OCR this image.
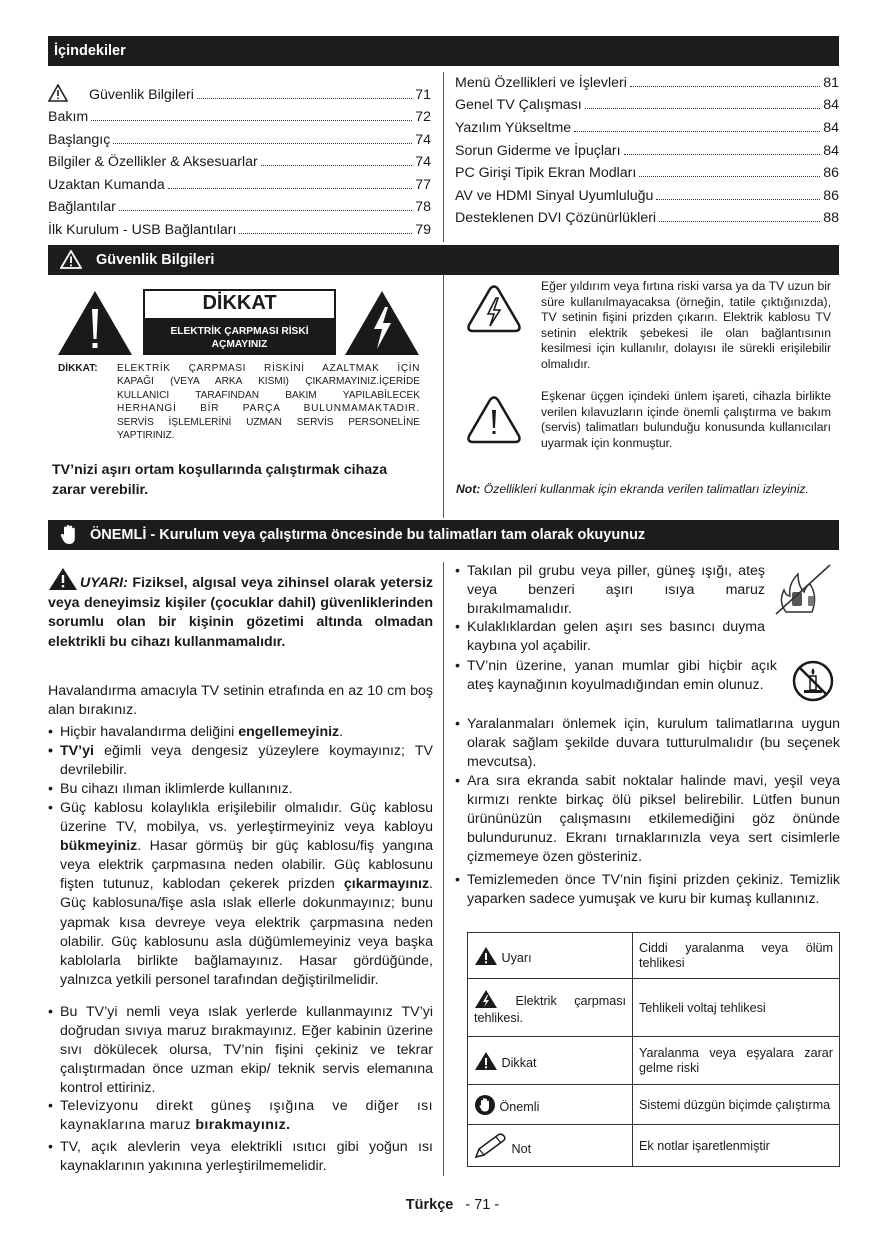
İçindekiler
Güvenlik Bilgileri	71
Bakım	72
Başlangıç	74
Bilgiler & Özellikler & Aksesuarlar	74
Uzaktan Kumanda	77
Bağlantılar	78
İlk Kurulum - USB Bağlantıları	79
Menü Özellikleri ve İşlevleri	81
Genel TV Çalışması	84
Yazılım Yükseltme	84
Sorun Giderme ve İpuçları	84
PC Girişi Tipik Ekran Modları	86
AV ve HDMI Sinyal Uyumluluğu	86
Desteklenen DVI Çözünürlükleri	88
Güvenlik Bilgileri
DİKKAT
ELEKTRİK ÇARPMASI RİSKİ
AÇMAYINIZ
DİKKAT: ELEKTRİK ÇARPMASI RİSKİNİ AZALTMAK İÇİN
KAPAĞI (VEYA ARKA KISMI) ÇIKARMAYINIZ.İÇERİDE
KULLANICI TARAFINDAN BAKIM YAPILABİLECEK
HERHANGİ BİR PARÇA BULUNMAMAKTADIR.
SERVİS İŞLEMLERİNİ UZMAN SERVİS PERSONELİNE
YAPTIRINIZ.
TV’nizi aşırı ortam koşullarında çalıştırmak cihaza
zarar verebilir.
Eğer yıldırım veya fırtına riski varsa ya da TV uzun bir süre kullanılmayacaksa (örneğin, tatile çıktığınızda), TV setinin fişini prizden çıkarın. Elektrik kablosu TV setinin elektrik şebekesi ile olan bağlantısının kesilmesi için kullanılır, dolayısı ile sürekli erişilebilir olmalıdır.
Eşkenar üçgen içindeki ünlem işareti, cihazla birlikte verilen kılavuzların içinde önemli çalıştırma ve bakım (servis) talimatları bulunduğu konusunda kullanıcıları uyarmak için konmuştur.
Not: Özellikleri kullanmak için ekranda verilen talimatları izleyiniz.
ÖNEMLİ - Kurulum veya çalıştırma öncesinde bu talimatları tam olarak okuyunuz
UYARI: Fiziksel, algısal veya zihinsel olarak yetersiz veya deneyimsiz kişiler (çocuklar dahil) güvenliklerinden sorumlu olan bir kişinin gözetimi altında olmadan elektrikli bu cihazı kullanmamalıdır.
Havalandırma amacıyla TV setinin etrafında en az 10 cm boş alan bırakınız.
• Hiçbir havalandırma deliğini engellemeyiniz.
• TV’yi eğimli veya dengesiz yüzeylere koymayınız; TV devrilebilir.
• Bu cihazı ılıman iklimlerde kullanınız.
• Güç kablosu kolaylıkla erişilebilir olmalıdır. Güç kablosu üzerine TV, mobilya, vs. yerleştirmeyiniz veya kabloyu bükmeyiniz. Hasar görmüş bir güç kablosu/fiş yangına veya elektrik çarpmasına neden olabilir. Güç kablosunu fişten tutunuz, kablodan çekerek prizden çıkarmayınız. Güç kablosuna/fişe asla ıslak ellerle dokunmayınız; bunu yapmak kısa devreye veya elektrik çarpmasına neden olabilir. Güç kablosunu asla düğümlemeyiniz veya başka kablolarla birlikte bağlamayınız. Hasar gördüğünde, yalnızca yetkili personel tarafından değiştirilmelidir.
• Bu TV’yi nemli veya ıslak yerlerde kullanmayınız TV’yi doğrudan sıvıya maruz bırakmayınız. Eğer kabinin üzerine sıvı dökülecek olursa, TV’nin fişini çekiniz ve tekrar çalıştırmadan önce uzman ekip/ teknik servis elemanına kontrol ettiriniz.
• Televizyonu direkt güneş ışığına ve diğer ısı kaynaklarına maruz bırakmayınız.
• TV, açık alevlerin veya elektrikli ısıtıcı gibi yoğun ısı kaynaklarının yakınına yerleştirilmemelidir.
• Takılan pil grubu veya piller, güneş ışığı, ateş veya benzeri aşırı ısıya maruz bırakılmamalıdır.
• Kulaklıklardan gelen aşırı ses basıncı duyma kaybına yol açabilir.
• TV’nin üzerine, yanan mumlar gibi hiçbir açık ateş kaynağının koyulmadığından emin olunuz.
• Yaralanmaları önlemek için, kurulum talimatlarına uygun olarak sağlam şekilde duvara tutturulmalıdır (bu seçenek mevcutsa).
• Ara sıra ekranda sabit noktalar halinde mavi, yeşil veya kırmızı renkte birkaç ölü piksel belirebilir. Lütfen bunun ürününüzün çalışmasını etkilemediğini göz önünde bulundurunuz. Ekranı tırnaklarınızla veya sert cisimlerle çizmemeye özen gösteriniz.
• Temizlemeden önce TV’nin fişini prizden çekiniz. Temizlik yaparken sadece yumuşak ve kuru bir kumaş kullanınız.
Uyarı	Ciddi yaralanma veya ölüm tehlikesi
Elektrik çarpması tehlikesi.	Tehlikeli voltaj tehlikesi
Dikkat	Yaralanma veya eşyalara zarar gelme riski
Önemli	Sistemi düzgün biçimde çalıştırma
Not	Ek notlar işaretlenmiştir
Türkçe - 71 -
